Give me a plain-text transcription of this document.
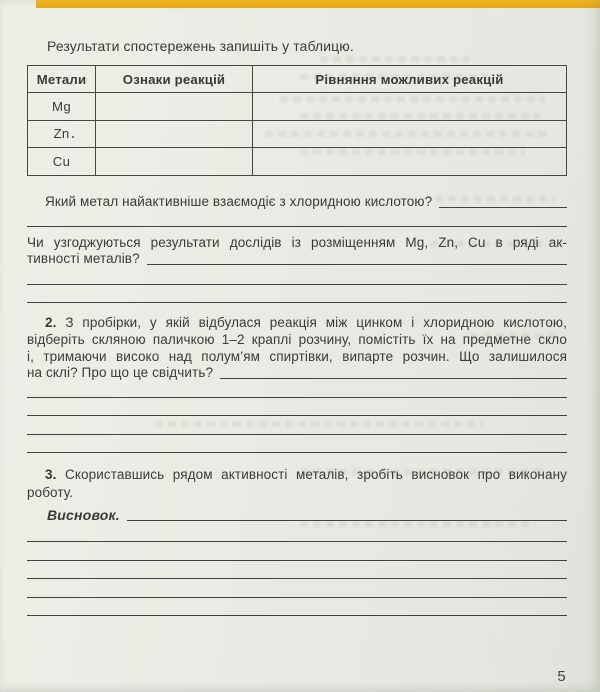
Результати спостережень запишіть у таблицю.
Метали	Ознаки реакцій	Рівняння можливих реакцій
Mg		
Zn

Cu		
Який метал найактивніше взаємодіє з хлоридною кислотою?
Чи узгоджуються результати дослідів із розміщенням Mg, Zn, Cu в ряді ак-
тивності металів?
2. З пробірки, у якій відбулася реакція між цинком і хлоридною кислотою,
відберіть скляною паличкою 1–2 краплі розчину, помістіть їх на предметне скло
і, тримаючи високо над полум’ям спиртівки, випарте розчин. Що залишилося
на склі? Про що це свідчить?
3. Скориставшись рядом активності металів, зробіть висновок про виконану
роботу.
Висновок.
5
